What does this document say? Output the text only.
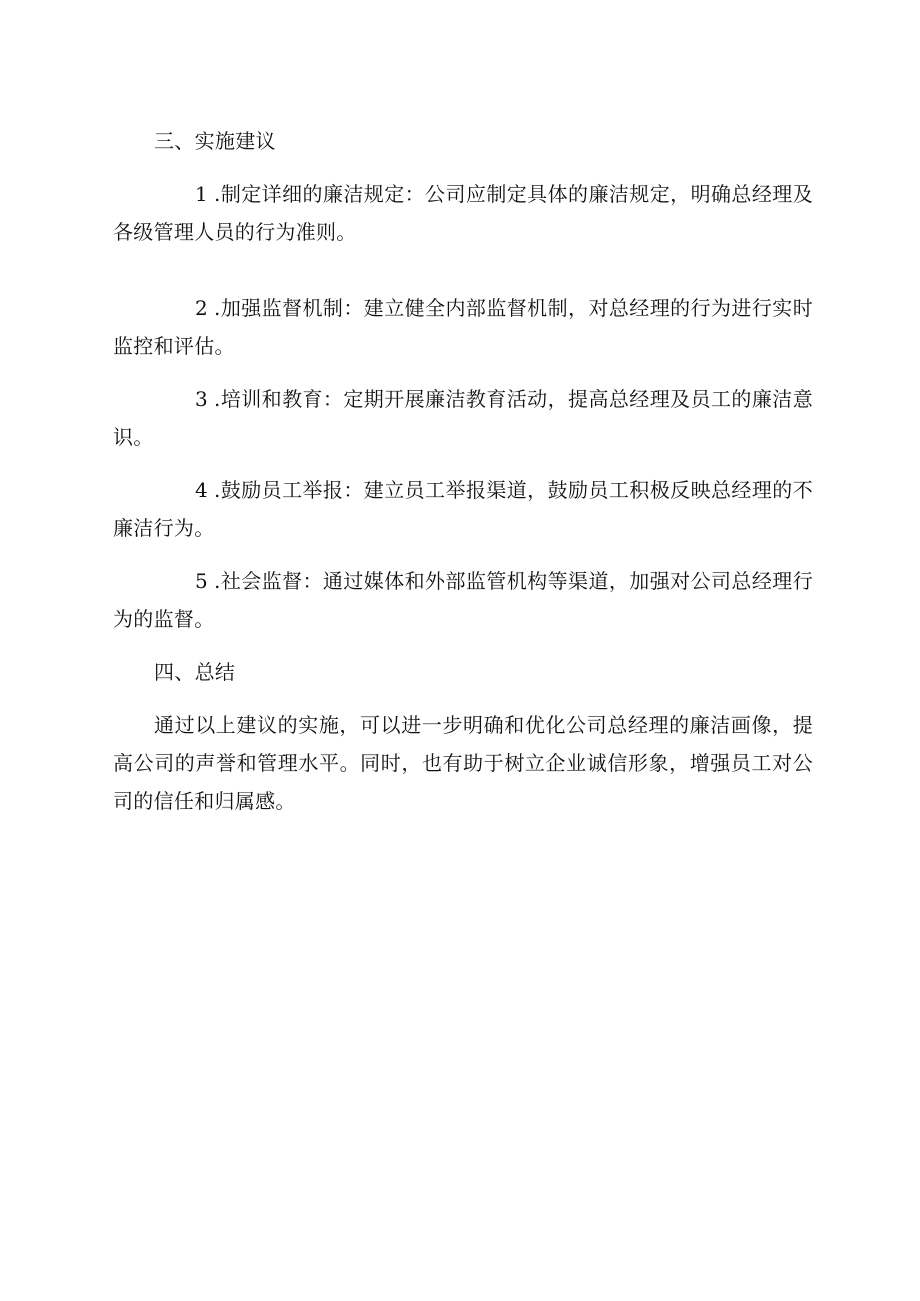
三、实施建议

1 .制定详细的廉洁规定：公司应制定具体的廉洁规定，明确总经理及各级管理人员的行为准则。

2 .加强监督机制：建立健全内部监督机制，对总经理的行为进行实时监控和评估。

3 .培训和教育：定期开展廉洁教育活动，提高总经理及员工的廉洁意识。

4 .鼓励员工举报：建立员工举报渠道，鼓励员工积极反映总经理的不廉洁行为。

5 .社会监督：通过媒体和外部监管机构等渠道，加强对公司总经理行为的监督。

四、总结

通过以上建议的实施，可以进一步明确和优化公司总经理的廉洁画像，提高公司的声誉和管理水平。同时，也有助于树立企业诚信形象，增强员工对公司的信任和归属感。
